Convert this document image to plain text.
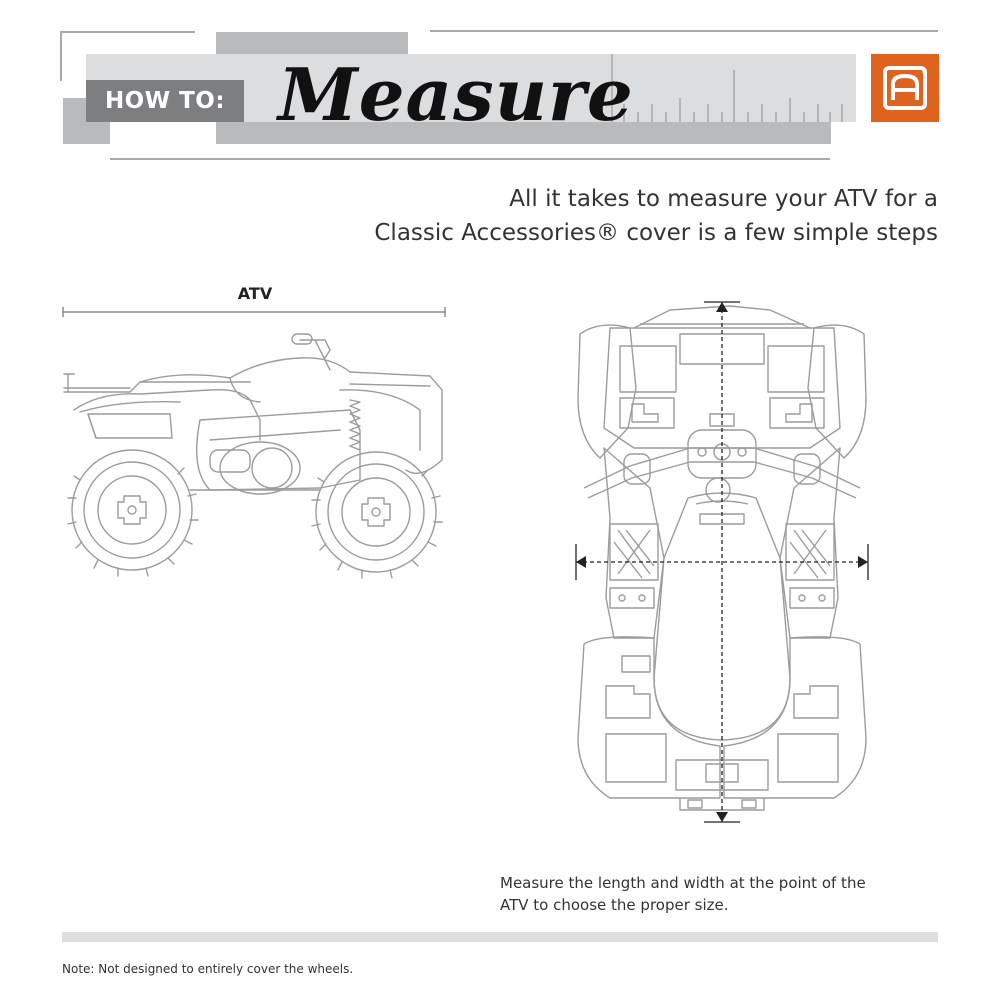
HOW TO: Measure	®
All it takes to measure your ATV for a
Classic Accessories® cover is a few simple steps
ATV
Measure the length and width at the point of the
ATV to choose the proper size.
Note: Not designed to entirely cover the wheels.
